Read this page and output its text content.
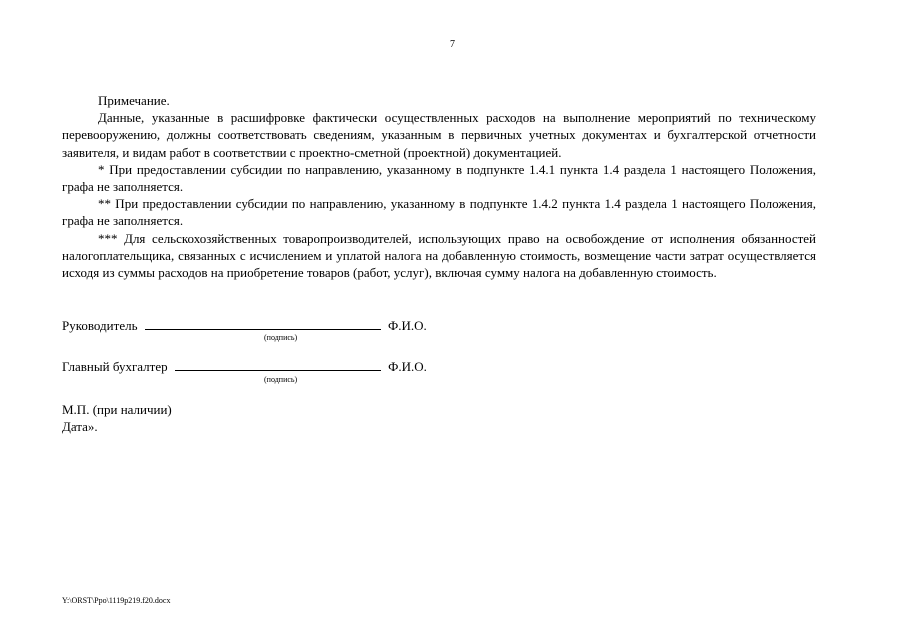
7

Примечание.

Данные, указанные в расшифровке фактически осуществленных расходов на выполнение мероприятий по техническому перевооружению, должны соответствовать сведениям, указанным в первичных учетных документах и бухгалтерской отчетности заявителя, и видам работ в соответствии с проектно-сметной (проектной) документацией.

* При предоставлении субсидии по направлению, указанному в подпункте 1.4.1 пункта 1.4 раздела 1 настоящего Положения, графа не заполняется.

** При предоставлении субсидии по направлению, указанному в подпункте 1.4.2 пункта 1.4 раздела 1 настоящего Положения, графа не заполняется.

*** Для сельскохозяйственных товаропроизводителей, использующих право на освобождение от исполнения обязанностей налогоплательщика, связанных с исчислением и уплатой налога на добавленную стоимость, возмещение части затрат осуществляется исходя из суммы расходов на приобретение товаров (работ, услуг), включая сумму налога на добавленную стоимость.

Руководитель	Ф.И.О.
(подпись)
Главный бухгалтер	Ф.И.О.
(подпись)
М.П. (при наличии)
Дата».
Y:\ORST\Ppo\1119p219.f20.docx
